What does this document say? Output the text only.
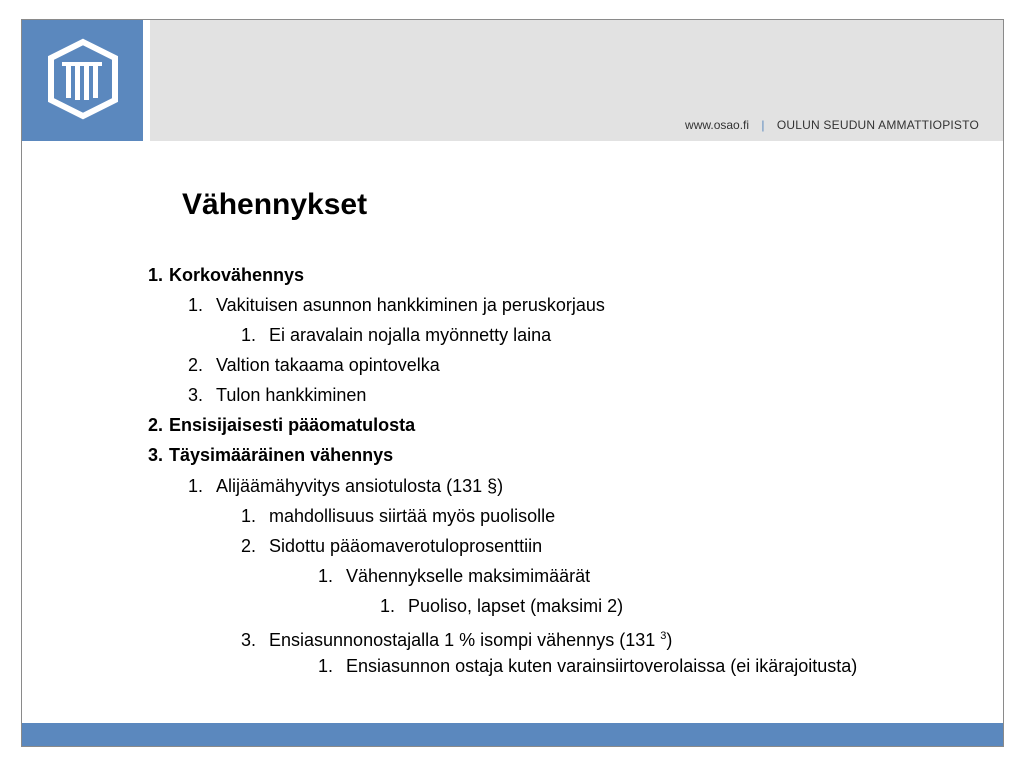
www.osao.fi | OULUN SEUDUN AMMATTIOPISTO
Vähennykset
1. Korkovähennys
1. Vakituisen asunnon hankkiminen ja peruskorjaus
1. Ei aravalain nojalla myönnetty laina
2. Valtion takaama opintovelka
3. Tulon hankkiminen
2. Ensisijaisesti pääomatulosta
3. Täysimääräinen vähennys
1. Alijäämähyvitys ansiotulosta (131 §)
1. mahdollisuus siirtää myös puolisolle
2. Sidottu pääomaverotuloprosenttiin
1. Vähennykselle maksimimäärät
1. Puoliso, lapset (maksimi 2)
3. Ensiasunnonostajalla 1 % isompi vähennys (131 $^3$)
1. Ensiasunnon ostaja kuten varainsiirtoverolaissa (ei ikärajoitusta)
